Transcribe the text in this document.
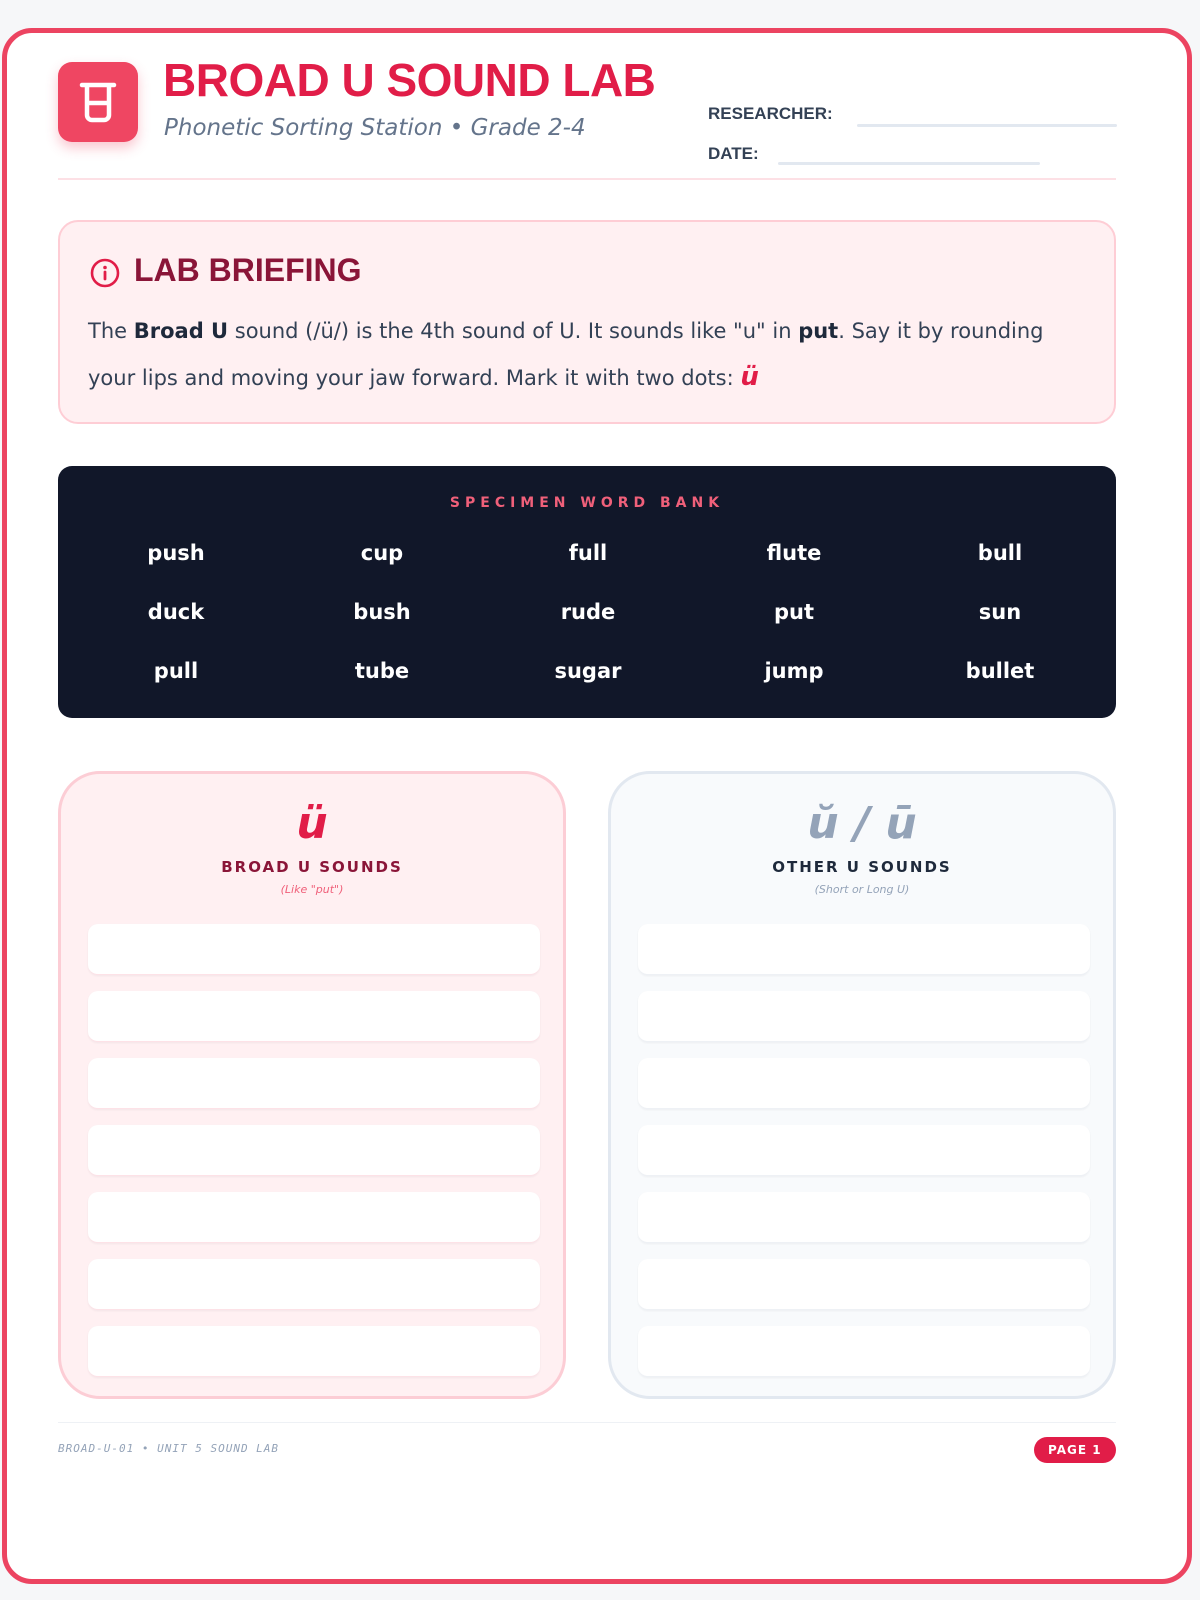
BROAD U SOUND LAB
Phonetic Sorting Station • Grade 2-4
RESEARCHER:
DATE:
LAB BRIEFING
The Broad U sound (/ü/) is the 4th sound of U. It sounds like "u" in put. Say it by rounding your lips and moving your jaw forward. Mark it with two dots: ü
SPECIMEN WORD BANK
push	cup	full	flute	bull
duck	bush	rude	put	sun
pull	tube	sugar	jump	bullet
ü
BROAD U SOUNDS
(Like "put")
ŭ / ū
OTHER U SOUNDS
(Short or Long U)
BROAD-U-01 • UNIT 5 SOUND LAB	PAGE 1
